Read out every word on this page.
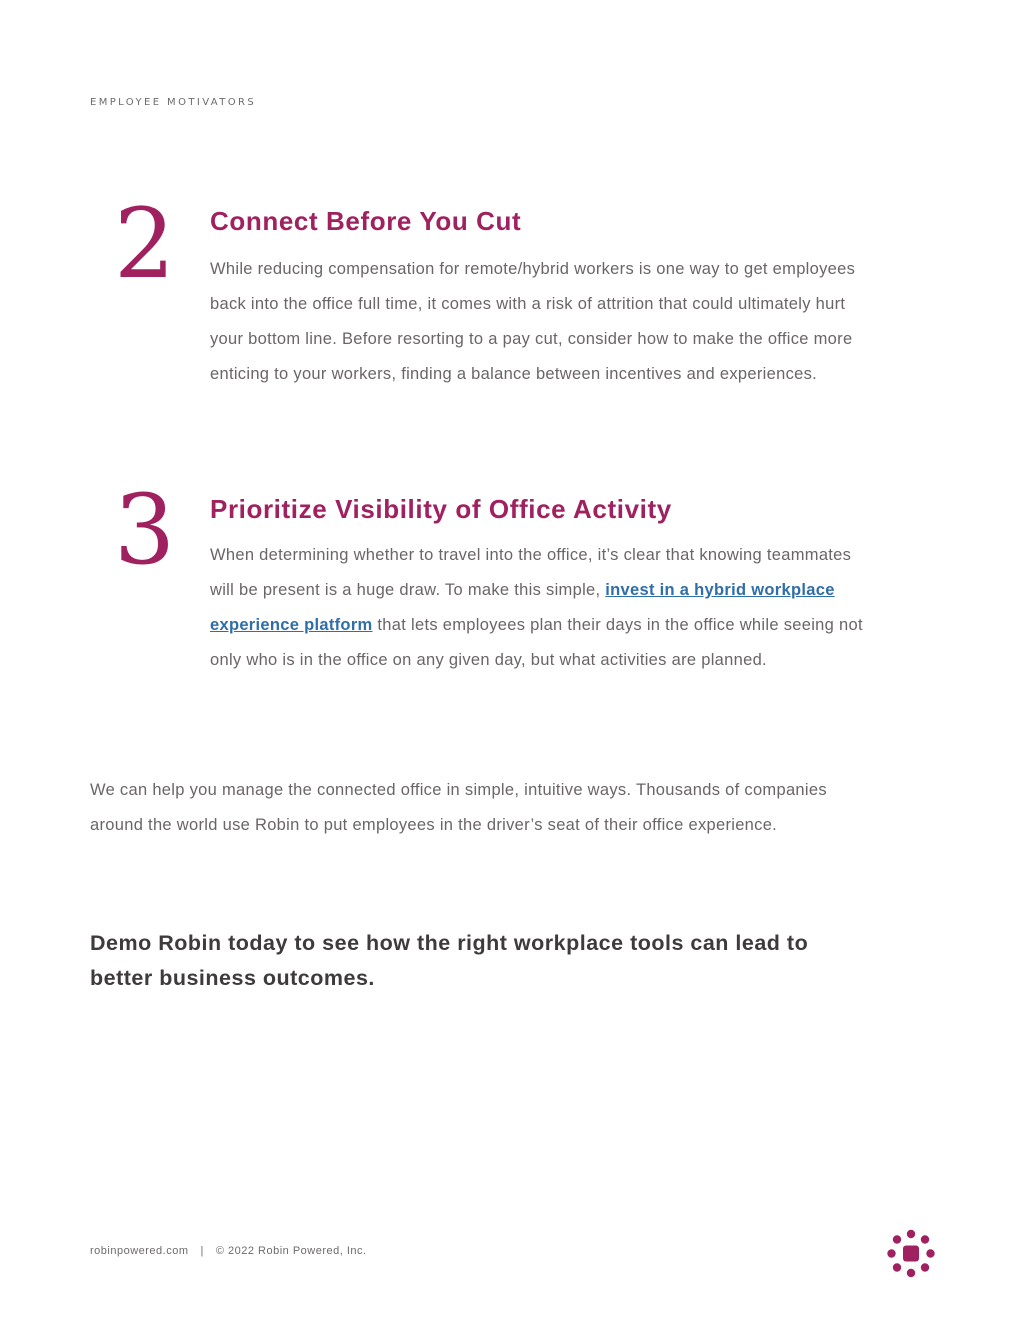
EMPLOYEE MOTIVATORS
2 Connect Before You Cut
While reducing compensation for remote/hybrid workers is one way to get employees back into the office full time, it comes with a risk of attrition that could ultimately hurt your bottom line. Before resorting to a pay cut, consider how to make the office more enticing to your workers, finding a balance between incentives and experiences.
3 Prioritize Visibility of Office Activity
When determining whether to travel into the office, it’s clear that knowing teammates will be present is a huge draw. To make this simple, invest in a hybrid workplace experience platform that lets employees plan their days in the office while seeing not only who is in the office on any given day, but what activities are planned.
We can help you manage the connected office in simple, intuitive ways. Thousands of companies around the world use Robin to put employees in the driver’s seat of their office experience.
Demo Robin today to see how the right workplace tools can lead to better business outcomes.
robinpowered.com | © 2022 Robin Powered, Inc.
